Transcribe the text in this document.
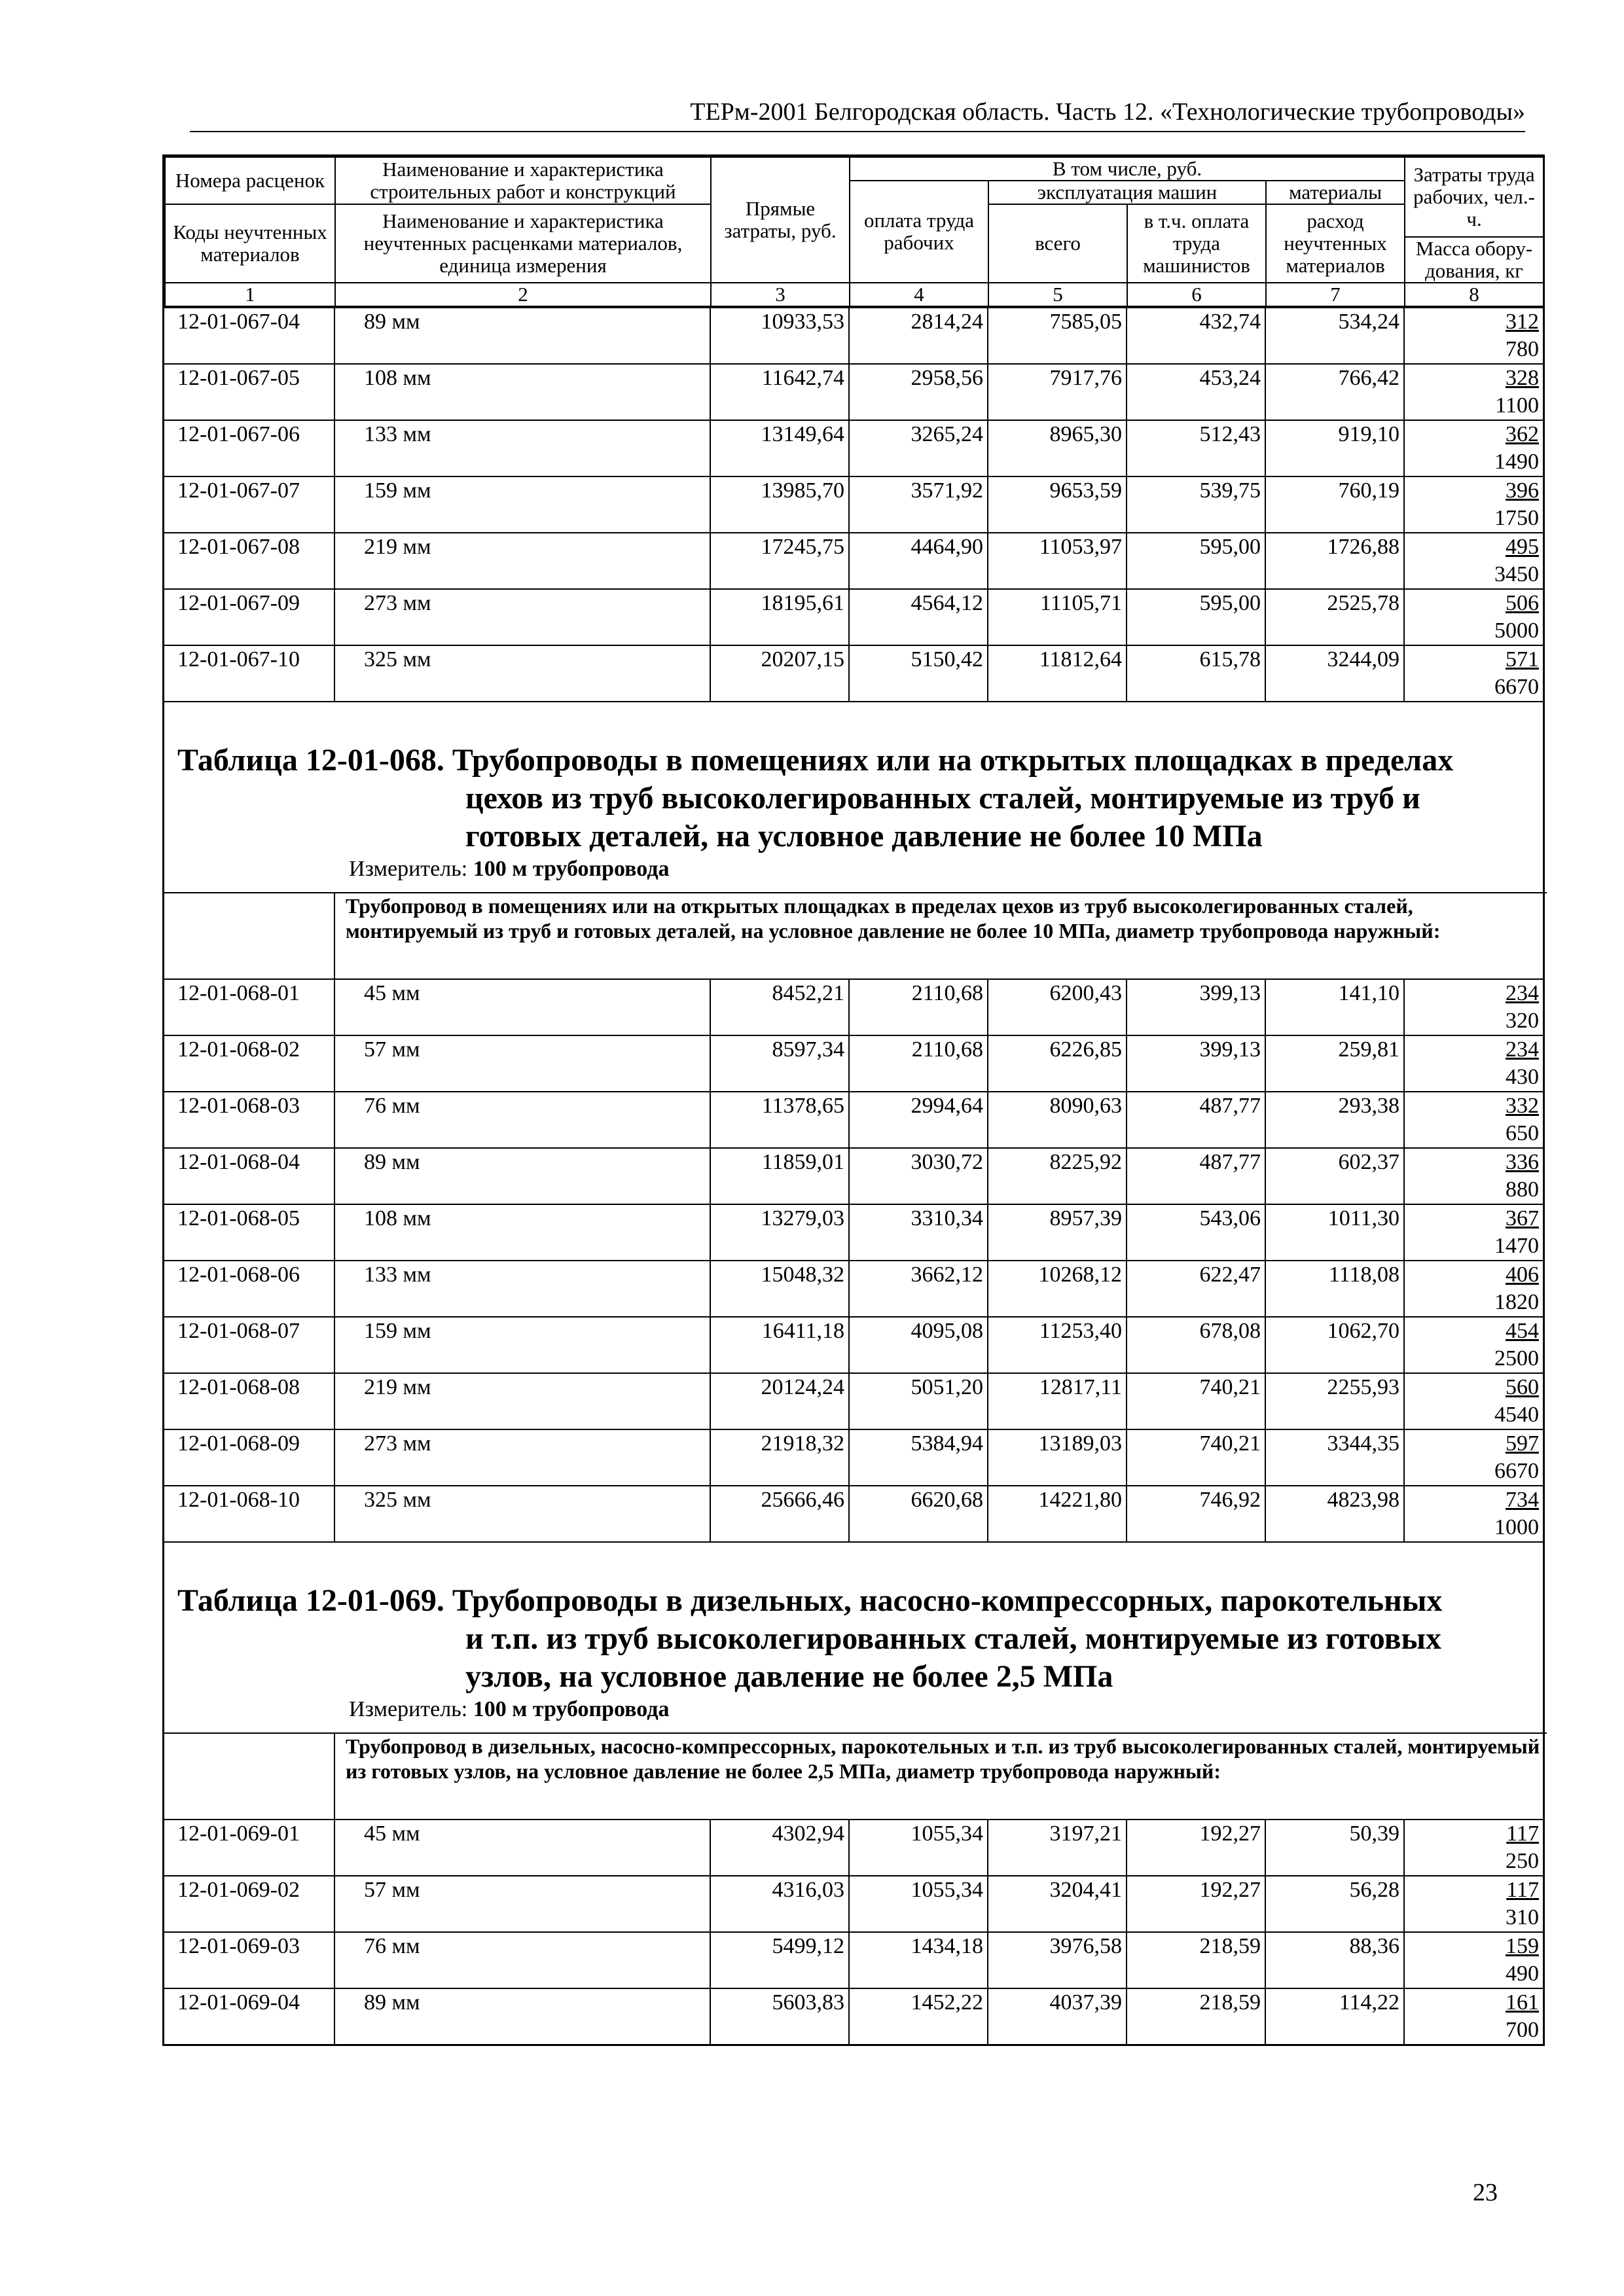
ТЕРм-2001 Белгородская область. Часть 12. «Технологические трубопроводы»
Номера расценок	Наименование и характеристика строительных работ и конструкций	Прямые затраты, руб.	В том числе, руб.				Затраты труда рабочих, чел.-ч.
			оплата труда рабочих	эксплуатация машин		материалы	
Коды неучтенных материалов	Наименование и характеристика неучтенных расценками материалов, единица измерения			всего	в т.ч. оплата труда машинистов	расход неучтенных материалов	
							Масса обору-дования, кг
1	2	3	4	5	6	7	8
12-01-067-04	89 мм	10933,53	2814,24	7585,05	432,74	534,24	312
780

12-01-067-05	108 мм	11642,74	2958,56	7917,76	453,24	766,42	328
1100

12-01-067-06	133 мм	13149,64	3265,24	8965,30	512,43	919,10	362
1490

12-01-067-07	159 мм	13985,70	3571,92	9653,59	539,75	760,19	396
1750

12-01-067-08	219 мм	17245,75	4464,90	11053,97	595,00	1726,88	495
3450

12-01-067-09	273 мм	18195,61	4564,12	11105,71	595,00	2525,78	506
5000

12-01-067-10	325 мм	20207,15	5150,42	11812,64	615,78	3244,09	571
6670
Таблица 12-01-068. Трубопроводы в помещениях или на открытых площадках в пределах
цехов из труб высоколегированных сталей, монтируемые из труб и
готовых деталей, на условное давление не более 10 МПа
Измеритель: 100 м трубопровода
	Трубопровод в помещениях или на открытых площадках в пределах цехов из труб высоколегированных сталей, монтируемый из труб и готовых деталей, на условное давление не более 10 МПа, диаметр трубопровода наружный:
12-01-068-01	45 мм	8452,21	2110,68	6200,43	399,13	141,10	234
320

12-01-068-02	57 мм	8597,34	2110,68	6226,85	399,13	259,81	234
430

12-01-068-03	76 мм	11378,65	2994,64	8090,63	487,77	293,38	332
650

12-01-068-04	89 мм	11859,01	3030,72	8225,92	487,77	602,37	336
880

12-01-068-05	108 мм	13279,03	3310,34	8957,39	543,06	1011,30	367
1470

12-01-068-06	133 мм	15048,32	3662,12	10268,12	622,47	1118,08	406
1820

12-01-068-07	159 мм	16411,18	4095,08	11253,40	678,08	1062,70	454
2500

12-01-068-08	219 мм	20124,24	5051,20	12817,11	740,21	2255,93	560
4540

12-01-068-09	273 мм	21918,32	5384,94	13189,03	740,21	3344,35	597
6670

12-01-068-10	325 мм	25666,46	6620,68	14221,80	746,92	4823,98	734
1000
Таблица 12-01-069. Трубопроводы в дизельных, насосно-компрессорных, парокотельных
и т.п. из труб высоколегированных сталей, монтируемые из готовых
узлов, на условное давление не более 2,5 МПа
Измеритель: 100 м трубопровода
	Трубопровод в дизельных, насосно-компрессорных, парокотельных и т.п. из труб высоколегированных сталей, монтируемый из готовых узлов, на условное давление не более 2,5 МПа, диаметр трубопровода наружный:
12-01-069-01	45 мм	4302,94	1055,34	3197,21	192,27	50,39	117
250

12-01-069-02	57 мм	4316,03	1055,34	3204,41	192,27	56,28	117
310

12-01-069-03	76 мм	5499,12	1434,18	3976,58	218,59	88,36	159
490

12-01-069-04	89 мм	5603,83	1452,22	4037,39	218,59	114,22	161
700
23
